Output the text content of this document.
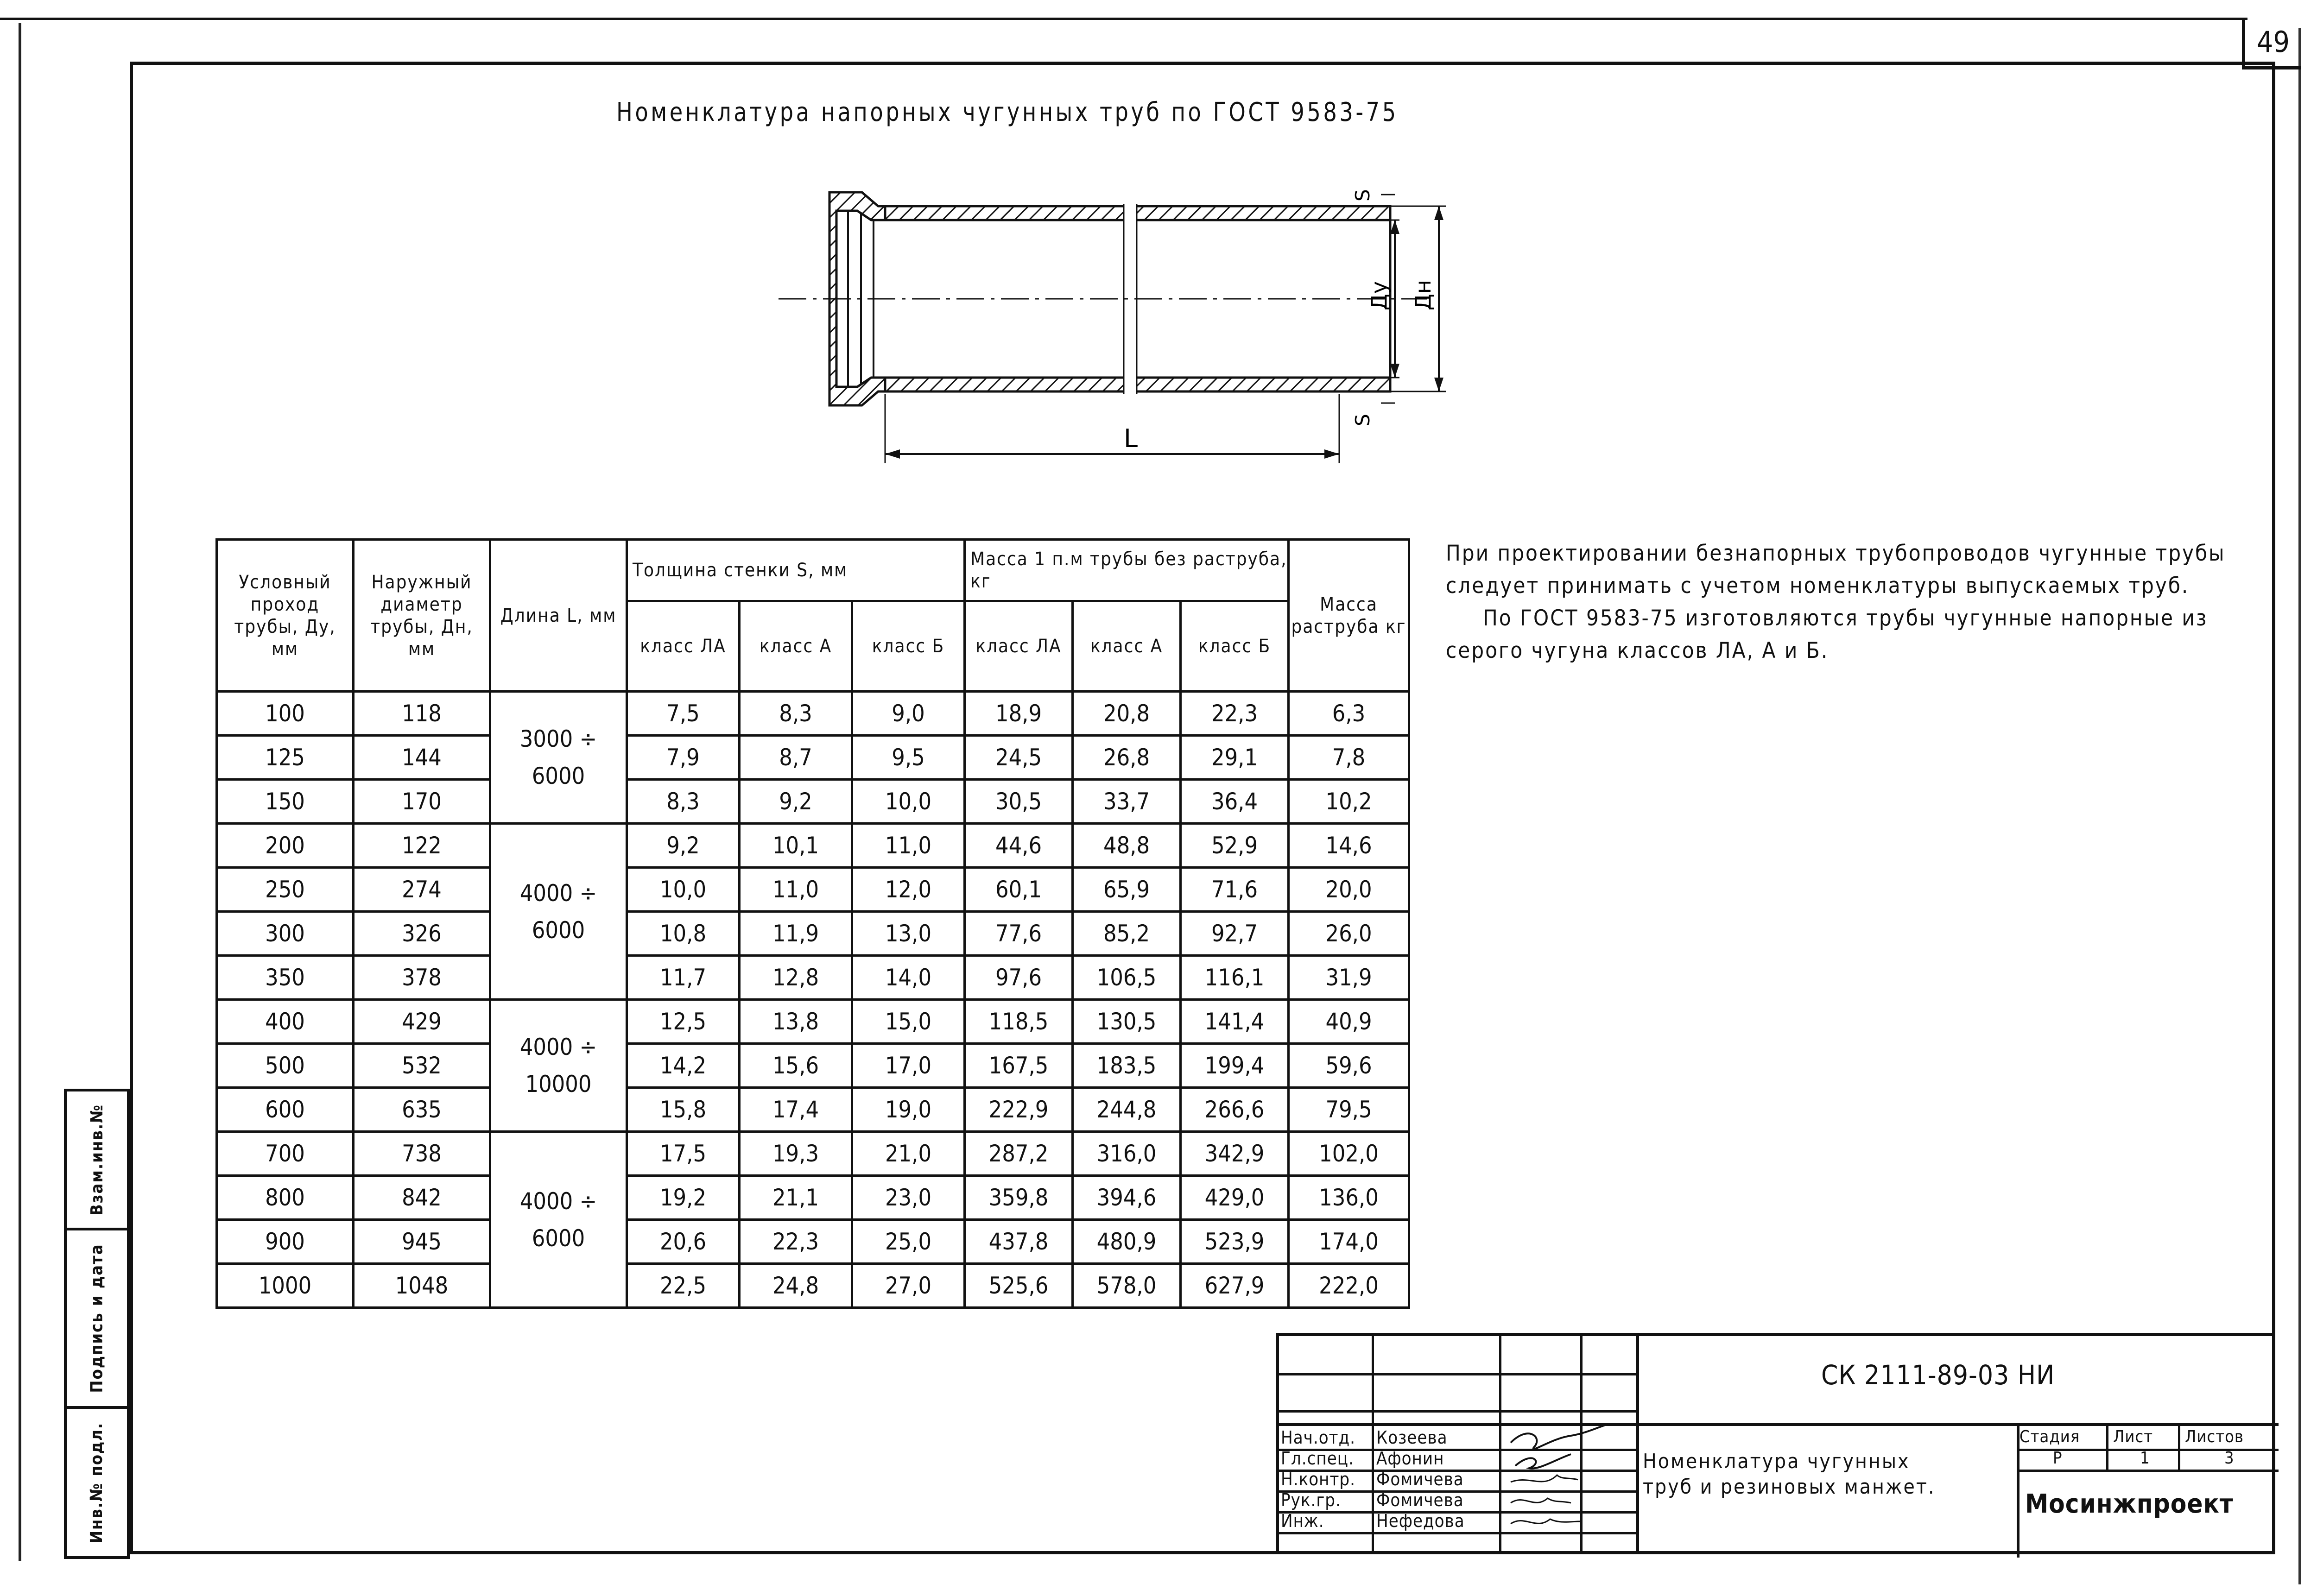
49
Номенклатура напорных чугунных труб по ГОСТ 9583-75
S
S
Ду Дн
L
Условный проход трубы, Ду, мм	Наружный диаметр трубы, Дн, мм	Длина L, мм	Толщина стенки S, мм			Масса 1 п.м трубы без раструба, кг			Масса раструба кг
			класс ЛА	класс А	класс Б	класс ЛА	класс А	класс Б	
100	118	3000 ÷ 6000	7,5	8,3	9,0	18,9	20,8	22,3	6,3
125	144		7,9	8,7	9,5	24,5	26,8	29,1	7,8
150	170		8,3	9,2	10,0	30,5	33,7	36,4	10,2
200	122	4000 ÷ 6000	9,2	10,1	11,0	44,6	48,8	52,9	14,6
250	274		10,0	11,0	12,0	60,1	65,9	71,6	20,0
300	326		10,8	11,9	13,0	77,6	85,2	92,7	26,0
350	378		11,7	12,8	14,0	97,6	106,5	116,1	31,9
400	429	4000 ÷ 10000	12,5	13,8	15,0	118,5	130,5	141,4	40,9
500	532		14,2	15,6	17,0	167,5	183,5	199,4	59,6
600	635		15,8	17,4	19,0	222,9	244,8	266,6	79,5
700	738	4000 ÷ 6000	17,5	19,3	21,0	287,2	316,0	342,9	102,0
800	842		19,2	21,1	23,0	359,8	394,6	429,0	136,0
900	945		20,6	22,3	25,0	437,8	480,9	523,9	174,0
1000	1048		22,5	24,8	27,0	525,6	578,0	627,9	222,0

При проектировании безнапорных трубопроводов чугунные трубы следует принимать с учетом номенклатуры выпускаемых труб.

По ГОСТ 9583-75 изготовляются трубы чугунные напорные из серого чугуна классов ЛА, А и Б.

Взам.инв.№
Подпись и дата
Инв.№ подл.
СК 2111-89-03 НИ
Нач.отд.
Гл.спец.
Н.контр.
Рук.гр.
Инж.
Козеева
Афонин
Фомичева
Фомичева
Нефедова
Номенклатура чугунных
труб и резиновых манжет.
Стадия Лист Листов
Р	1	3
Мосинжпроект
